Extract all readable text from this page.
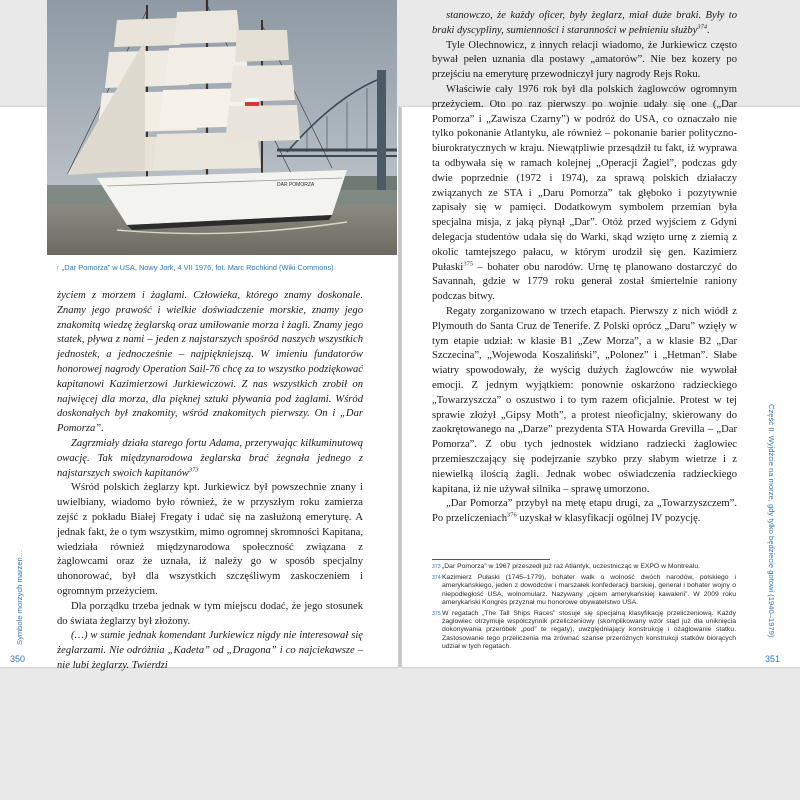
DAR POMORZA
↑ „Dar Pomorza” w USA, Nowy Jork, 4 VII 1976, fot. Marc Rochkind (Wiki Commons)

życiem z morzem i żaglami. Człowieka, którego znamy doskonale. Znamy jego prawość i wielkie doświadczenie morskie, znamy jego znakomitą wiedzę żeglarską oraz umiłowanie morza i żagli. Znamy jego statek, pływa z nami – jeden z najstarszych spośród naszych wszystkich jednostek, a jednocześnie – najpiękniejszą. W imieniu fundatorów honorowej nagrody Operation Sail-76 chcę za to wszystko podziękować kapitanowi Kazimierzowi Jurkiewiczowi. Z nas wszystkich zrobił on najwięcej dla morza, dla pięknej sztuki pływania pod żaglami. Wśród doskonałych był znakomity, wśród znakomitych pierwszy. On i „Dar Pomorza”.

Zagrzmiały działa starego fortu Adama, przerywając kilkuminutową owację. Tak międzynarodowa żeglarska brać żegnała jednego z najstarszych swoich kapitanów$^{373}$

Wśród polskich żeglarzy kpt. Jurkiewicz był powszechnie znany i uwielbiany, wiadomo było również, że w przyszłym roku zamierza zejść z pokładu Białej Fregaty i udać się na zasłużoną emeryturę. A jednak fakt, że o tym wszystkim, mimo ogromnej skromności Kapitana, wiedziała również międzynarodowa społeczność związana z żaglowcami oraz że uznała, iż należy go w sposób specjalny uhonorować, był dla wszystkich szczęśliwym zaskoczeniem i ogromnym przeżyciem.

Dla porządku trzeba jednak w tym miejscu dodać, że jego stosunek do świata żeglarzy był złożony.

(…) w sumie jednak komendant Jurkiewicz nigdy nie interesował się żeglarzami. Nie odróżnia „Kadeta” od „Dragona” i co najciekawsze – nie lubi żeglarzy. Twierdzi

350
Symbole morzych marzeń…

stanowczo, że każdy oficer, były żeglarz, miał duże braki. Były to braki dyscypliny, sumienności i staranności w pełnieniu służby$^{374}$.

Tyle Olechnowicz, z innych relacji wiadomo, że Jurkiewicz często bywał pełen uznania dla postawy „amatorów”. Nie bez kozery po przejściu na emeryturę przewodniczył jury nagrody Rejs Roku.

Właściwie cały 1976 rok był dla polskich żaglowców ogromnym przeżyciem. Oto po raz pierwszy po wojnie udały się one („Dar Pomorza” i „Zawisza Czarny”) w podróż do USA, co oznaczało nie tylko pokonanie Atlantyku, ale również – pokonanie barier polityczno-biurokratycznych w kraju. Niewątpliwie przesądził tu fakt, iż wyprawa ta odbywała się w ramach kolejnej „Operacji Żagiel”, podczas gdy dwie poprzednie (1972 i 1974), za sprawą polskich działaczy związanych ze STA i „Daru Pomorza” tak głęboko i pozytywnie zapisały się w pamięci. Dodatkowym symbolem przemian była specjalna misja, z jaką płynął „Dar”. Otóż przed wyjściem z Gdyni delegacja studentów udała się do Warki, skąd wzięto urnę z ziemią z okolic tamtejszego pałacu, w którym urodził się gen. Kazimierz Pułaski$^{375}$ – bohater obu narodów. Urnę tę planowano dostarczyć do Savannah, gdzie w 1779 roku generał został śmiertelnie raniony podczas bitwy.

Regaty zorganizowano w trzech etapach. Pierwszy z nich wiódł z Plymouth do Santa Cruz de Tenerife. Z Polski oprócz „Daru” wzięły w tym etapie udział: w klasie B1 „Zew Morza”, a w klasie B2 „Dar Szczecina”, „Wojewoda Koszaliński”, „Polonez” i „Hetman”. Słabe wiatry spowodowały, że wyścig dużych żaglowców nie wywołał emocji. Z jednym wyjątkiem: ponownie oskarżono radzieckiego „Towarzyszcza” o oszustwo i to tym razem oficjalnie. Protest w tej sprawie złożył „Gipsy Moth”, a protest nieoficjalny, skierowany do zaokrętowanego na „Darze” prezydenta STA Howarda Grevilla – „Dar Pomorza”. Z obu tych jednostek widziano radziecki żaglowiec przemieszczający się podejrzanie szybko przy słabym wietrze i z niewielką ilością żagli. Jednak wobec oświadczenia radzieckiego kapitana, iż nie używał silnika – sprawę umorzono.

„Dar Pomorza” przybył na metę etapu drugi, za „Towarzyszczem”. Po przeliczeniach$^{376}$ uzyskał w klasyfikacji ogólnej IV pozycję.

373 „Dar Pomorza” w 1967 przeszedł już raz Atlantyk, uczestnicząc w EXPO w Montrealu.
374 Kazimierz Pułaski (1745–1779), bohater walk o wolność dwóch narodów, polskiego i amerykańskiego, jeden z dowódców i marszałek konfederacji barskiej, generał i bohater wojny o niepodległość USA, wolnomularz. Nazywany „ojcem amerykańskiej kawalerii”. W 2009 roku amerykański Kongres przyznał mu honorowe obywatelstwo USA.
375 W regatach „The Tall Ships Races” stosuje się specjalną klasyfikację przeliczeniową. Każdy żaglowiec otrzymuje współczynnik przeliczeniowy (skomplikowany wzór stąd już dla uniknięcia dokonywania przeróbek „pod” te regaty), uwzględniający konstrukcję i ożaglowanie statku. Zastosowanie tego przeliczenia ma zrównać szanse przeróżnych konstrukcji statków biorących udział w tych regatach.
351
Część II. Wyjdźcie na morze, gdy tylko będziecie gotowi (1940–1979)
